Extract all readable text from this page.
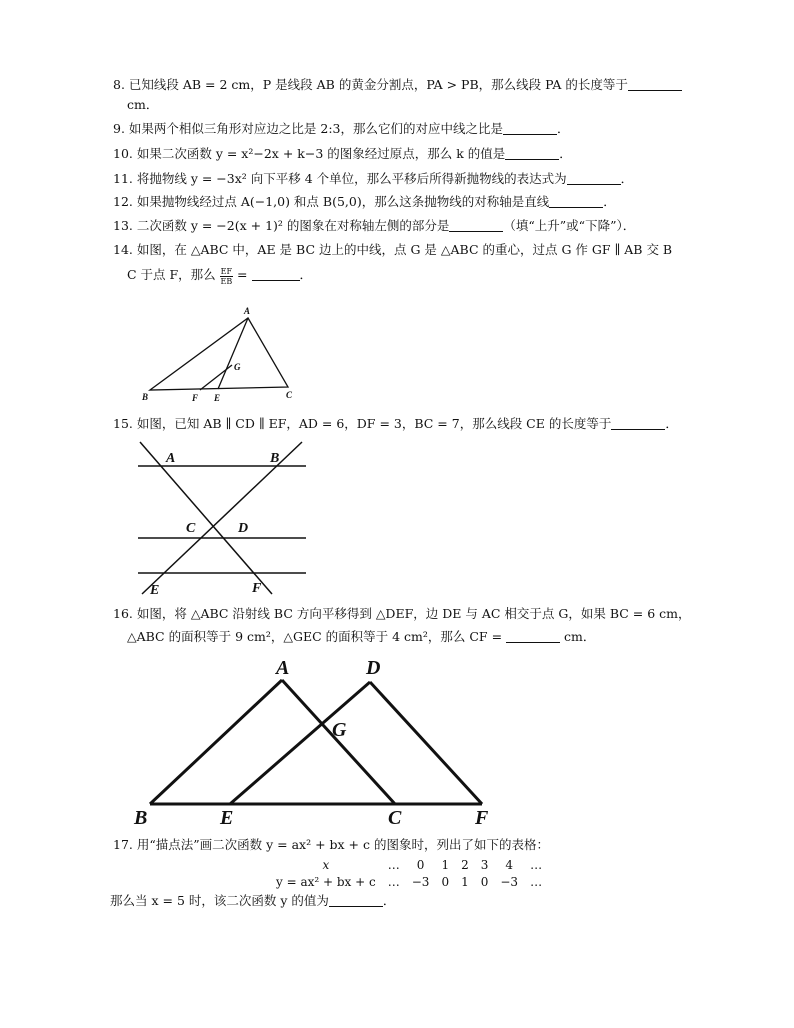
8. 已知线段 AB = 2 cm，P 是线段 AB 的黄金分割点，PA > PB，那么线段 PA 的长度等于
cm．
9. 如果两个相似三角形对应边之比是 2:3，那么它们的对应中线之比是	．
10. 如果二次函数 y = x²−2x + k−3 的图象经过原点，那么 k 的值是	．
11. 将抛物线 y = −3x² 向下平移 4 个单位，那么平移后所得新抛物线的表达式为	．
12. 如果抛物线经过点 A(−1,0) 和点 B(5,0)，那么这条抛物线的对称轴是直线	．
13. 二次函数 y = −2(x + 1)² 的图象在对称轴左侧的部分是	（填“上升”或“下降”）．
14. 如图，在 △ABC 中，AE 是 BC 边上的中线，点 G 是 △ABC 的重心，过点 G 作 GF ∥ AB 交 B
C 于点 F，那么 $\frac{EF}{EB}$ =	．
A
B	C
G
F E
15. 如图，已知 AB ∥ CD ∥ EF，AD = 6，DF = 3，BC = 7，那么线段 CE 的长度等于	．
A	B
C	D
E	F
16. 如图，将 △ABC 沿射线 BC 方向平移得到 △DEF，边 DE 与 AC 相交于点 G，如果 BC = 6 cm，
△ABC 的面积等于 9 cm²，△GEC 的面积等于 4 cm²，那么 CF =	cm．
A	D
G
B	E	C	F
17. 用“描点法”画二次函数 y = ax² + bx + c 的图象时，列出了如下的表格：
x	…	0	1	2	3	4	…
y = ax² + bx + c	…	−3	0	1	0	−3	…
那么当 x = 5 时，该二次函数 y 的值为	．
